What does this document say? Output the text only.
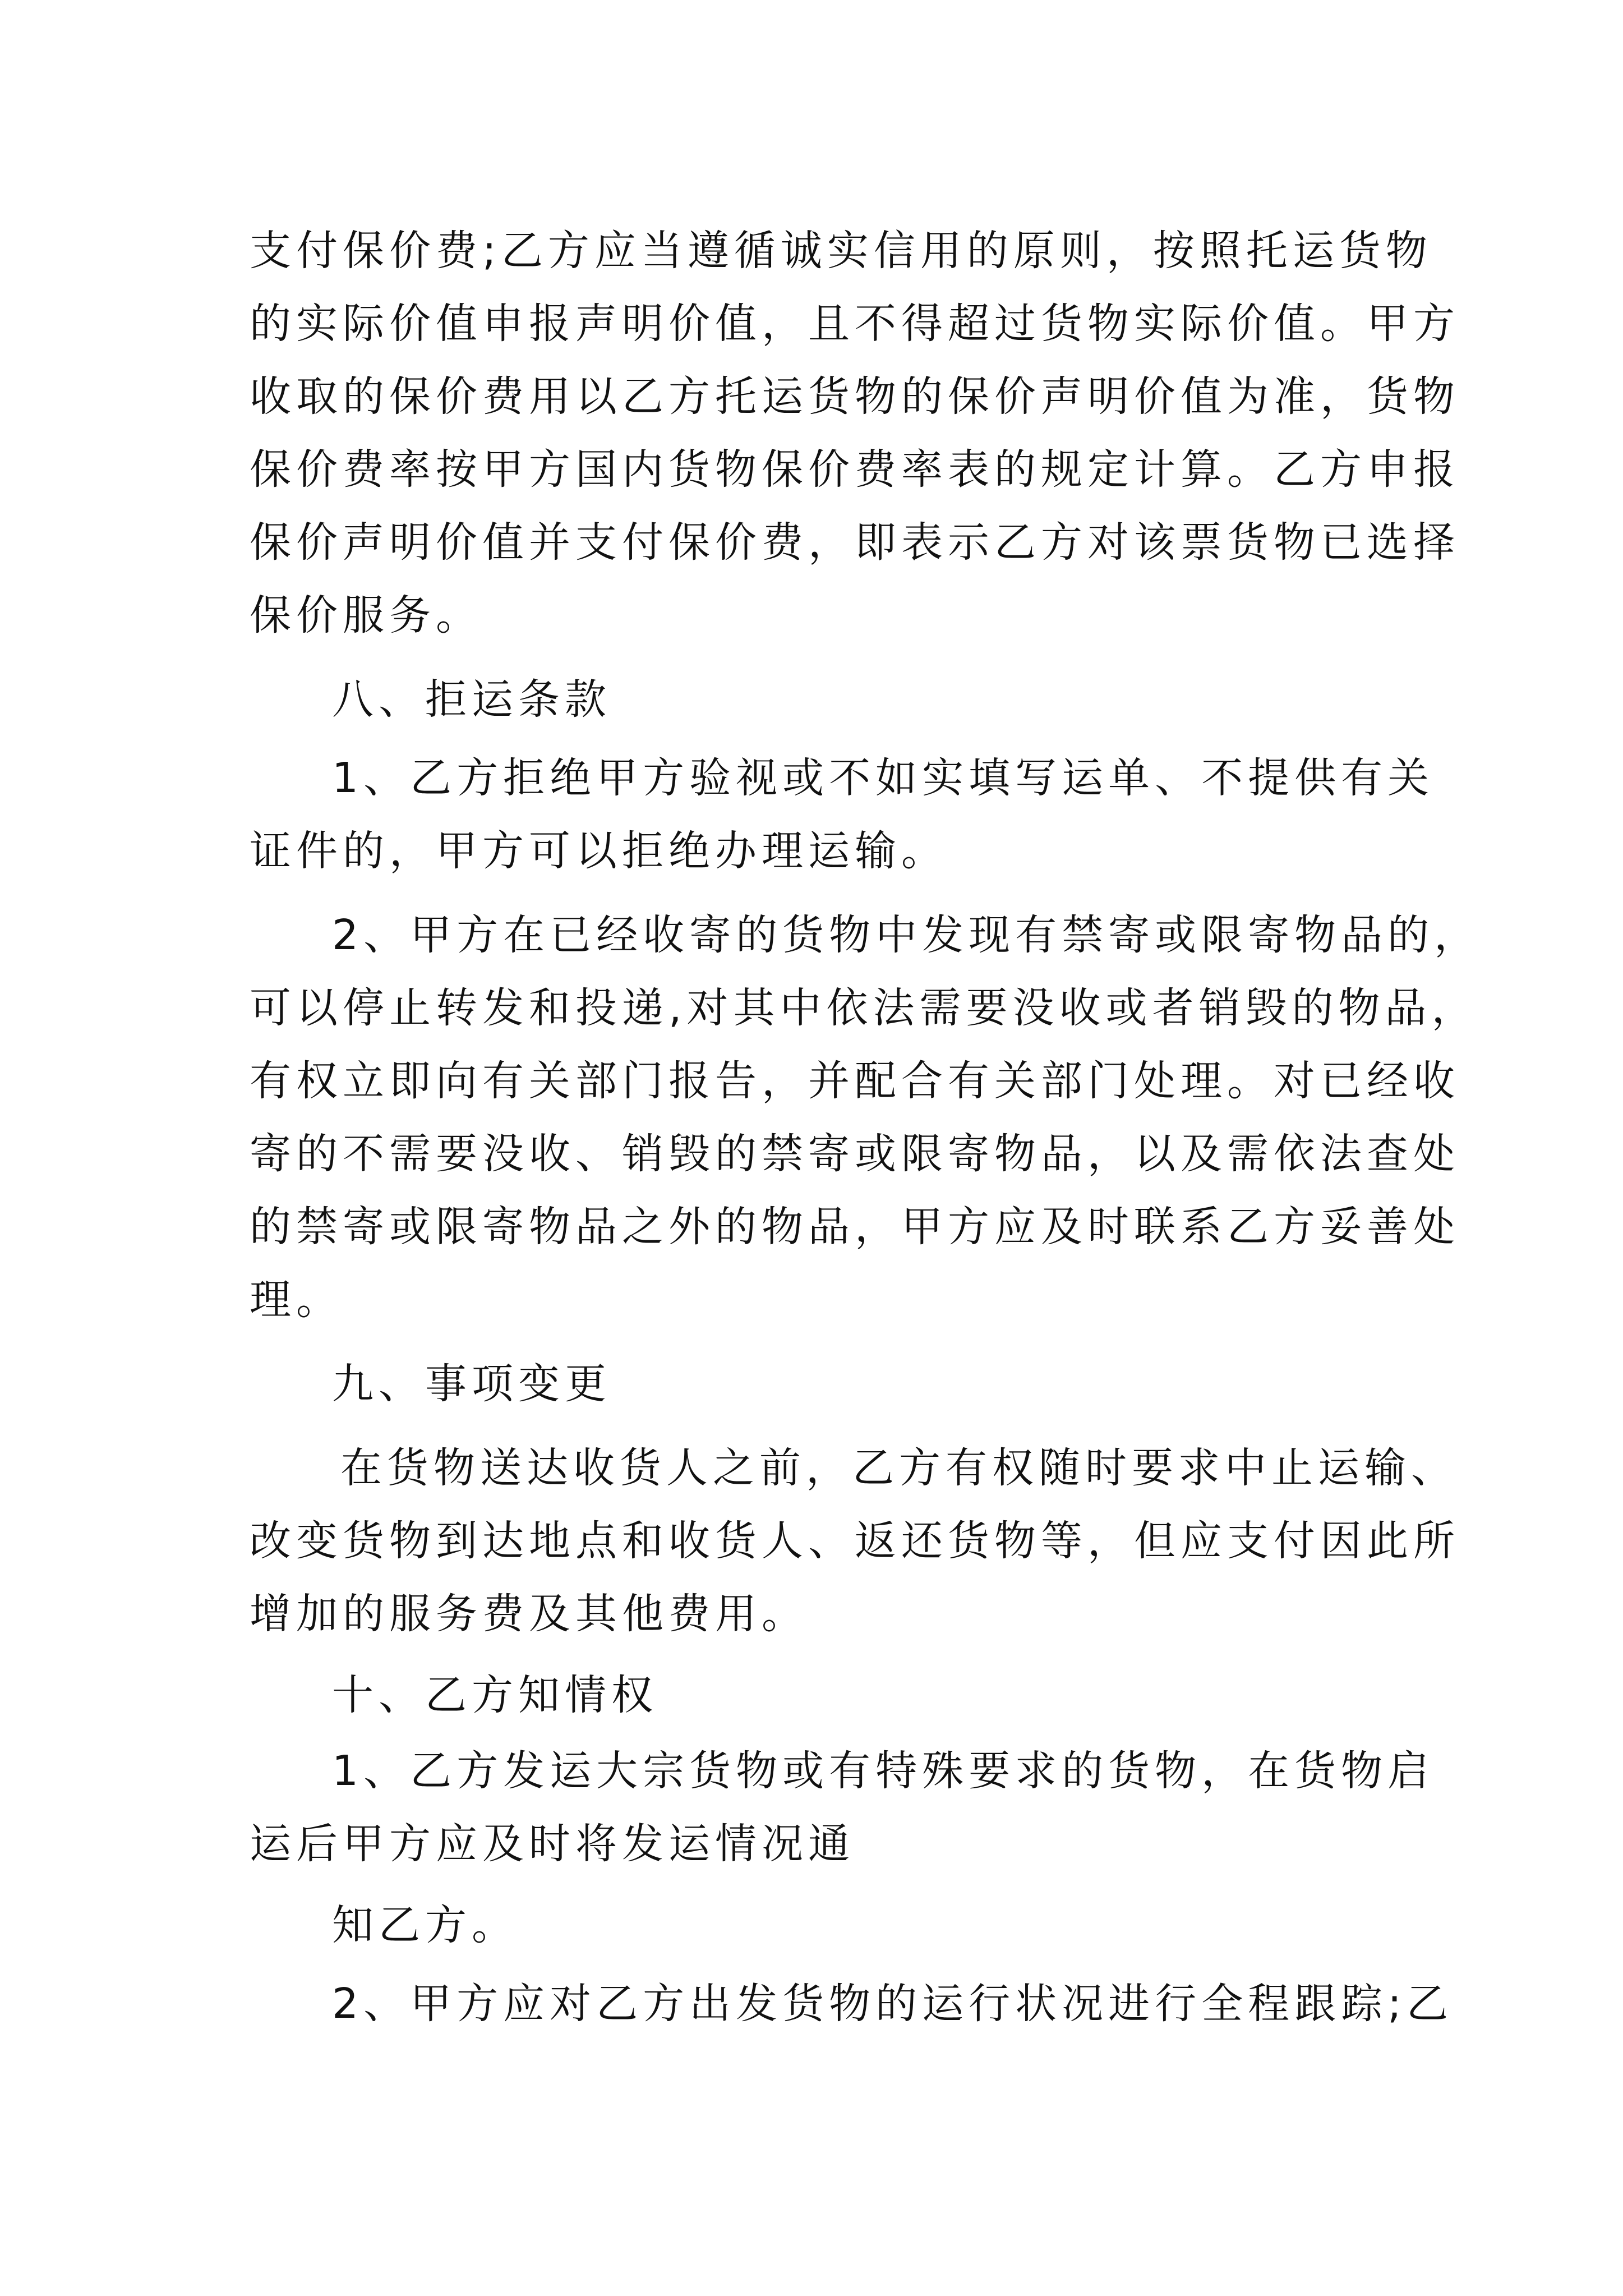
支付保价费;乙方应当遵循诚实信用的原则，按照托运货物
的实际价值申报声明价值，且不得超过货物实际价值。甲方
收取的保价费用以乙方托运货物的保价声明价值为准，货物
保价费率按甲方国内货物保价费率表的规定计算。乙方申报
保价声明价值并支付保价费，即表示乙方对该票货物已选择
保价服务。
八、拒运条款
1、乙方拒绝甲方验视或不如实填写运单、不提供有关
证件的，甲方可以拒绝办理运输。
2、甲方在已经收寄的货物中发现有禁寄或限寄物品的，
可以停止转发和投递,对其中依法需要没收或者销毁的物品，
有权立即向有关部门报告，并配合有关部门处理。对已经收
寄的不需要没收、销毁的禁寄或限寄物品，以及需依法查处
的禁寄或限寄物品之外的物品，甲方应及时联系乙方妥善处
理。
九、事项变更
在货物送达收货人之前，乙方有权随时要求中止运输、
改变货物到达地点和收货人、返还货物等，但应支付因此所
增加的服务费及其他费用。
十、乙方知情权
1、乙方发运大宗货物或有特殊要求的货物，在货物启
运后甲方应及时将发运情况通
知乙方。
2、甲方应对乙方出发货物的运行状况进行全程跟踪;乙
